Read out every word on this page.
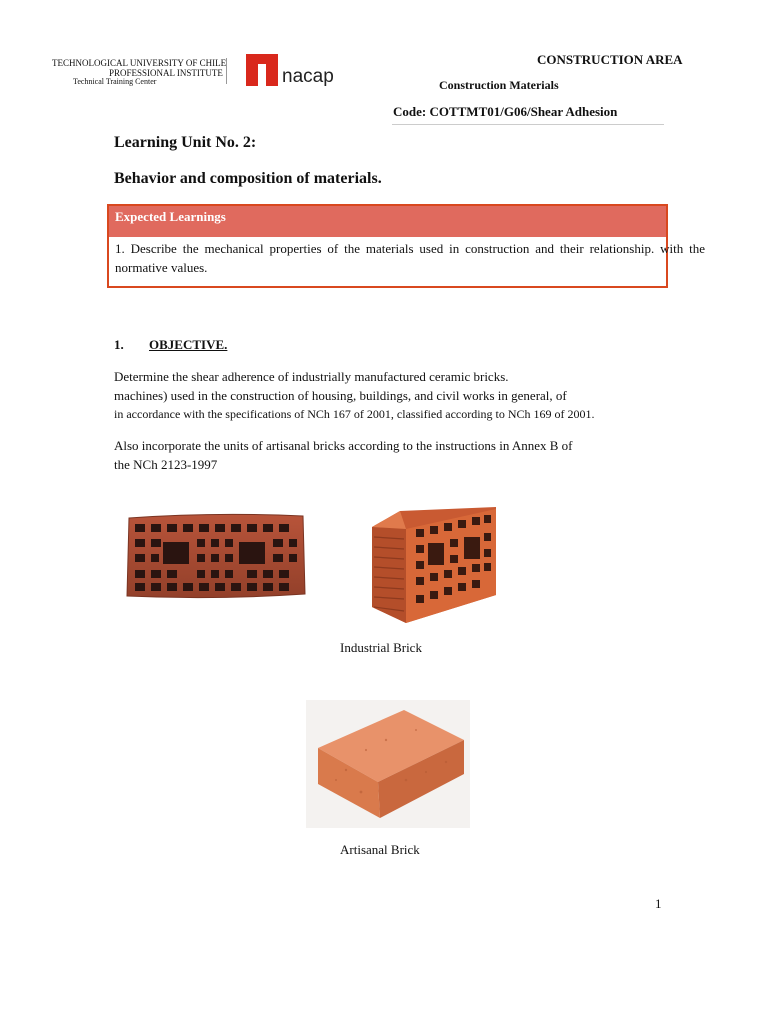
TECHNOLOGICAL UNIVERSITY OF CHILE
PROFESSIONAL INSTITUTE
Technical Training Center	nacap
CONSTRUCTION AREA
Construction Materials
Code: COTTMT01/G06/Shear Adhesion
Learning Unit No. 2:
Behavior and composition of materials.
Expected Learnings
1. Describe the mechanical properties of the materials used in construction and their relationship. with the normative values.
1. OBJECTIVE.
Determine the shear adherence of industrially manufactured ceramic bricks.
machines) used in the construction of housing, buildings, and civil works in general, of
in accordance with the specifications of NCh 167 of 2001, classified according to NCh 169 of 2001.
Also incorporate the units of artisanal bricks according to the instructions in Annex B of
the NCh 2123-1997
Industrial Brick
Artisanal Brick
1
